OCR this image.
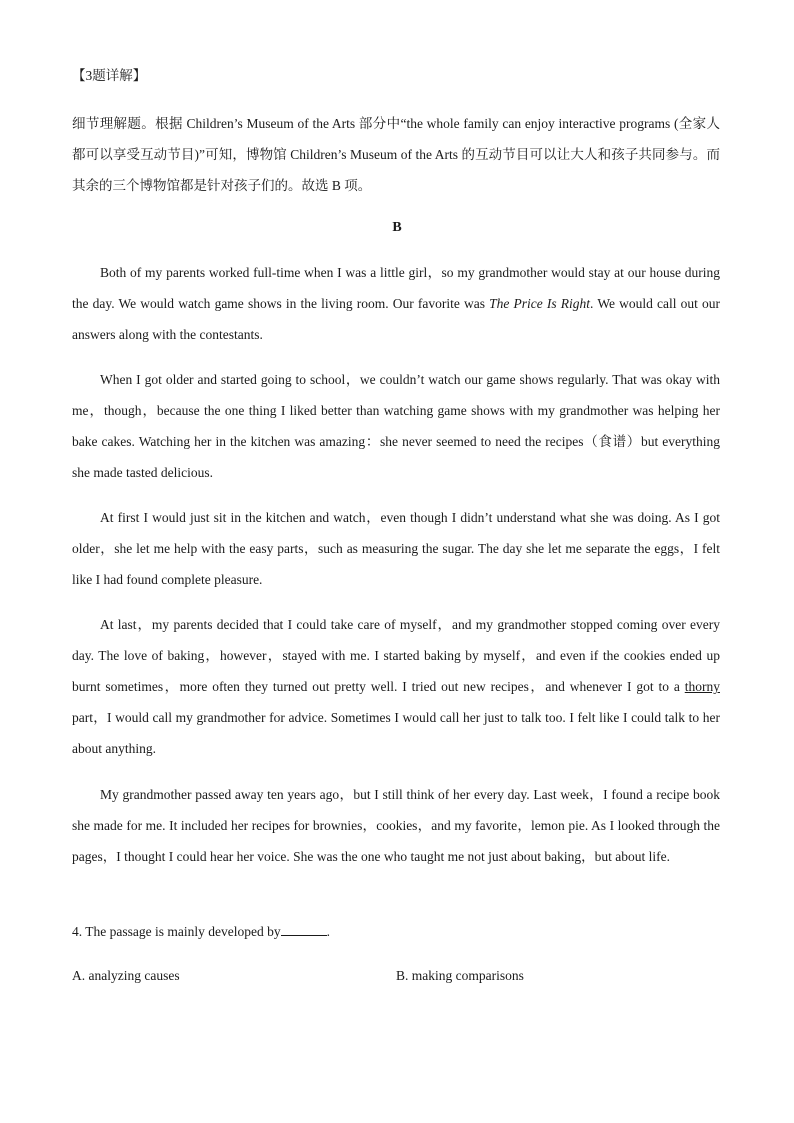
【3题详解】

细节理解题。根据 Children’s Museum of the Arts 部分中“the whole family can enjoy interactive programs (全家人都可以享受互动节目)”可知，博物馆 Children’s Museum of the Arts 的互动节目可以让大人和孩子共同参与。而其余的三个博物馆都是针对孩子们的。故选 B 项。

B

Both of my parents worked full-time when I was a little girl，so my grandmother would stay at our house during the day. We would watch game shows in the living room. Our favorite was The Price Is Right. We would call out our answers along with the contestants.

When I got older and started going to school，we couldn’t watch our game shows regularly. That was okay with me，though，because the one thing I liked better than watching game shows with my grandmother was helping her bake cakes. Watching her in the kitchen was amazing：she never seemed to need the recipes（食谱）but everything she made tasted delicious.

At first I would just sit in the kitchen and watch，even though I didn’t understand what she was doing. As I got older，she let me help with the easy parts，such as measuring the sugar. The day she let me separate the eggs，I felt like I had found complete pleasure.

At last，my parents decided that I could take care of myself，and my grandmother stopped coming over every day. The love of baking，however，stayed with me. I started baking by myself，and even if the cookies ended up burnt sometimes，more often they turned out pretty well. I tried out new recipes，and whenever I got to a thorny part，I would call my grandmother for advice. Sometimes I would call her just to talk too. I felt like I could talk to her about anything.

My grandmother passed away ten years ago，but I still think of her every day. Last week，I found a recipe book she made for me. It included her recipes for brownies，cookies，and my favorite，lemon pie. As I looked through the pages，I thought I could hear her voice. She was the one who taught me not just about baking，but about life.

4. The passage is mainly developed by	.

A. analyzing causes	B. making comparisons
